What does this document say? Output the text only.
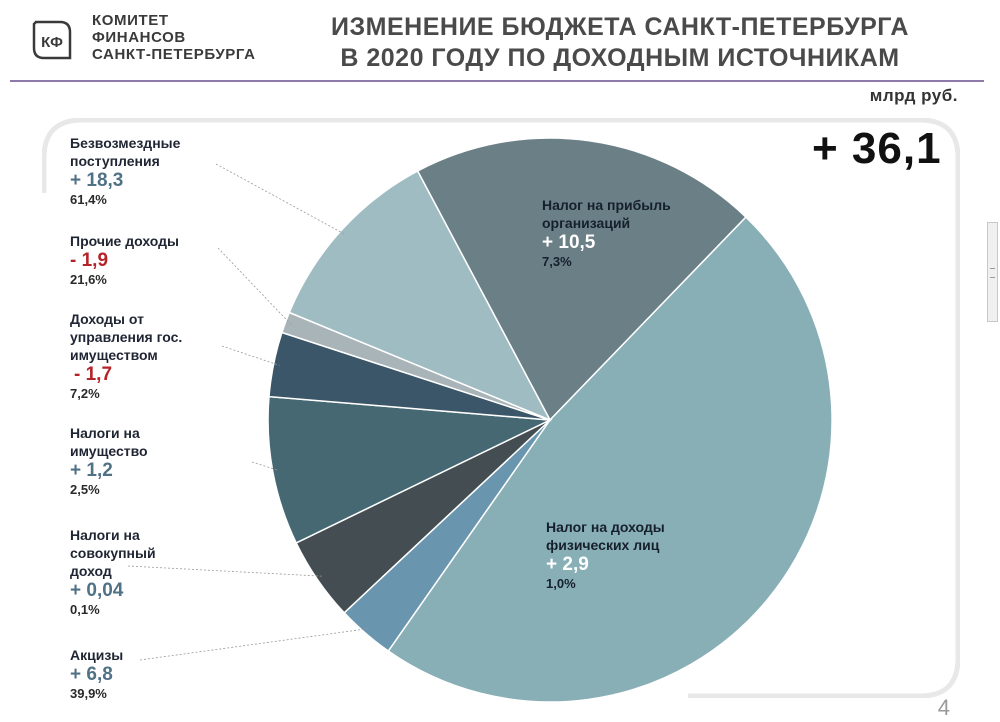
КФ
КОМИТЕТ
ФИНАНСОВ
САНКТ-ПЕТЕРБУРГА
ИЗМЕНЕНИЕ БЮДЖЕТА САНКТ-ПЕТЕРБУРГА
В 2020 ГОДУ ПО ДОХОДНЫМ ИСТОЧНИКАМ
млрд руб.
+ 36,1
Налог на прибыль организаций
+ 10,5
7,3%
Налог на доходы физических лиц
+ 2,9
1,0%
Безвозмездные поступления
+ 18,3
61,4%
Прочие доходы
- 1,9
21,6%
Доходы от управления гос. имуществом
- 1,7
7,2%
Налоги на имущество
+ 1,2
2,5%
Налоги на совокупный доход
+ 0,04
0,1%
Акцизы
+ 6,8
39,9%
4
